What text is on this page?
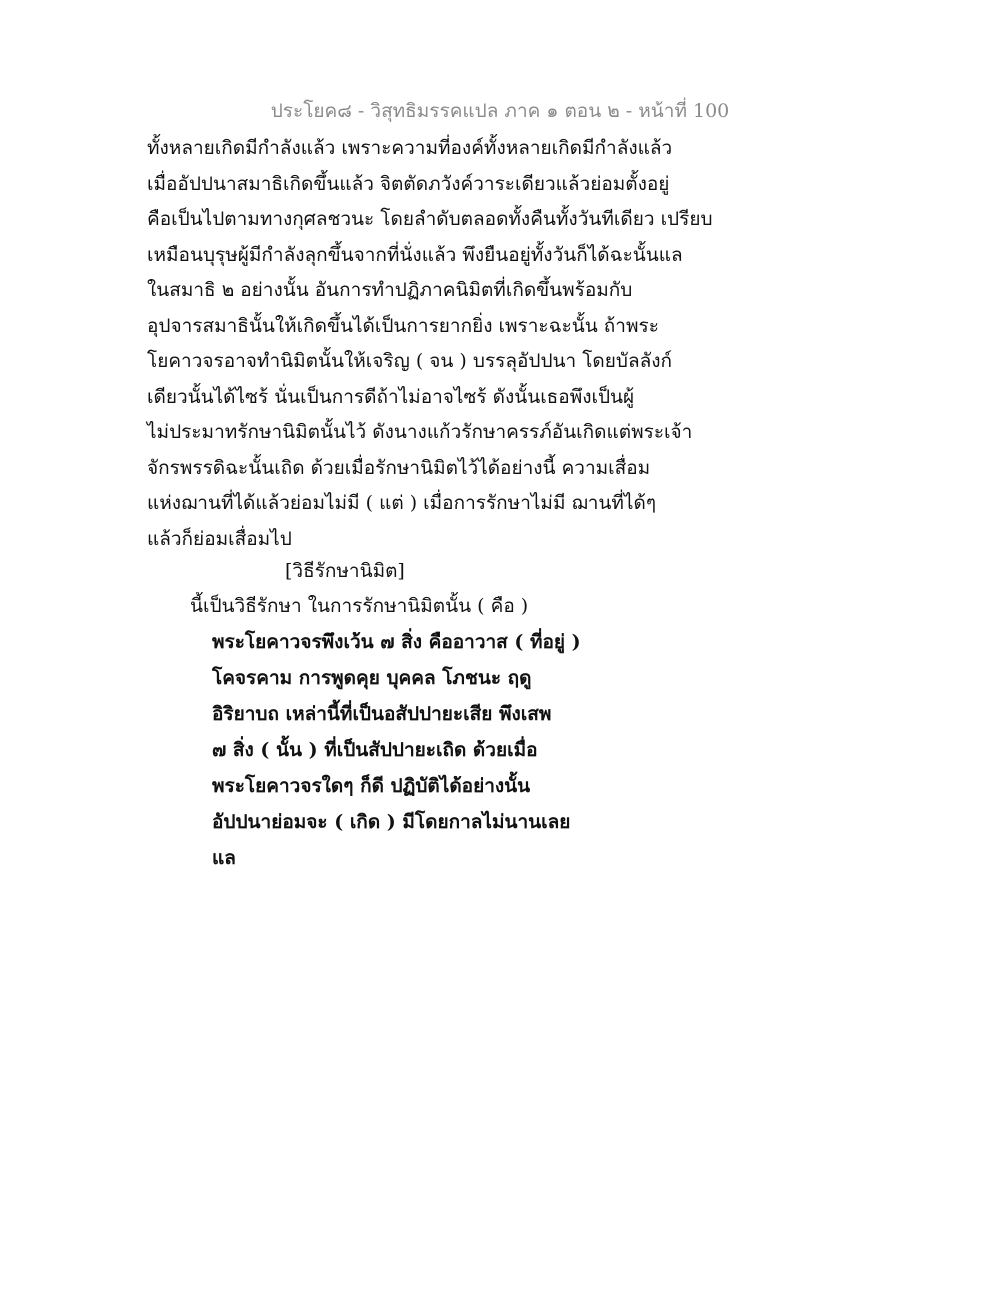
ประโยค๘ - วิสุทธิมรรคแปล ภาค ๑ ตอน ๒ - หน้าที่ 100
ทั้งหลายเกิดมีกำลังแล้ว เพราะความที่องค์ทั้งหลายเกิดมีกำลังแล้ว
เมื่ออัปปนาสมาธิเกิดขึ้นแล้ว จิตตัดภวังค์วาระเดียวแล้วย่อมตั้งอยู่
คือเป็นไปตามทางกุศลชวนะ โดยลำดับตลอดทั้งคืนทั้งวันทีเดียว เปรียบ
เหมือนบุรุษผู้มีกำลังลุกขึ้นจากที่นั่งแล้ว พึงยืนอยู่ทั้งวันก็ได้ฉะนั้นแล
ในสมาธิ ๒ อย่างนั้น อันการทำปฏิภาคนิมิตที่เกิดขึ้นพร้อมกับ
อุปจารสมาธินั้นให้เกิดขึ้นได้เป็นการยากยิ่ง เพราะฉะนั้น ถ้าพระ
โยคาวจรอาจทำนิมิตนั้นให้เจริญ ( จน ) บรรลุอัปปนา โดยบัลลังก์
เดียวนั้นได้ไซร้ นั่นเป็นการดีถ้าไม่อาจไซร้ ดังนั้นเธอพึงเป็นผู้
ไม่ประมาทรักษานิมิตนั้นไว้ ดังนางแก้วรักษาครรภ์อันเกิดแต่พระเจ้า
จักรพรรดิฉะนั้นเถิด ด้วยเมื่อรักษานิมิตไว้ได้อย่างนี้ ความเสื่อม
แห่งฌานที่ได้แล้วย่อมไม่มี ( แต่ ) เมื่อการรักษาไม่มี ฌานที่ได้ๆ
แล้วก็ย่อมเสื่อมไป
[วิธีรักษานิมิต]
นี้เป็นวิธีรักษา ในการรักษานิมิตนั้น ( คือ )
พระโยคาวจรพึงเว้น ๗ สิ่ง คืออาวาส ( ที่อยู่ )
โคจรคาม การพูดคุย บุคคล โภชนะ ฤดู
อิริยาบถ เหล่านี้ที่เป็นอสัปปายะเสีย พึงเสพ
๗ สิ่ง ( นั้น ) ที่เป็นสัปปายะเถิด ด้วยเมื่อ
พระโยคาวจรใดๆ ก็ดี ปฏิบัติได้อย่างนั้น
อัปปนาย่อมจะ ( เกิด ) มีโดยกาลไม่นานเลย
แล
